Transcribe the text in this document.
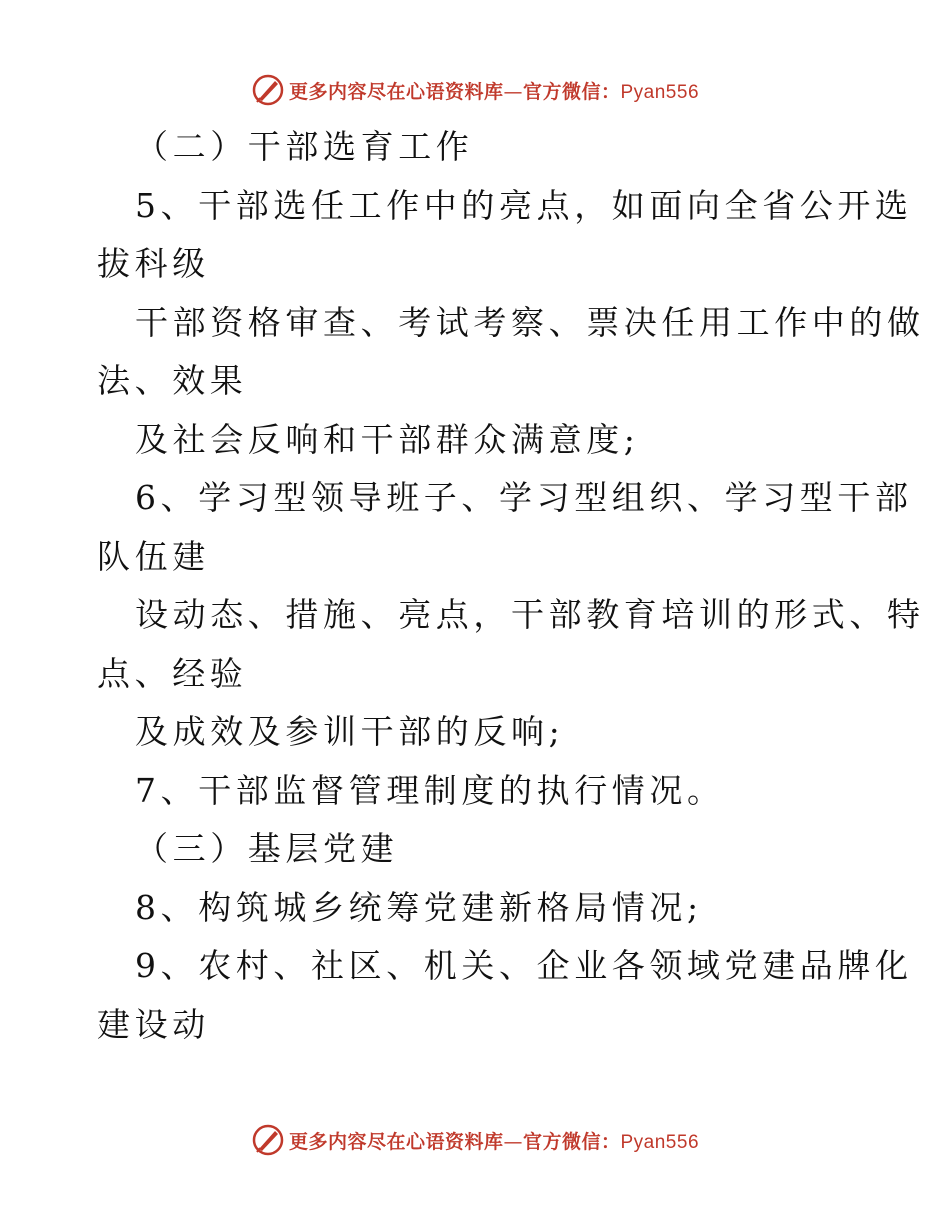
更多内容尽在心语资料库—官方微信：Pyan556
（二）干部选育工作
5、干部选任工作中的亮点，如面向全省公开选
拔科级
干部资格审查、考试考察、票决任用工作中的做
法、效果
及社会反响和干部群众满意度;
6、学习型领导班子、学习型组织、学习型干部
队伍建
设动态、措施、亮点，干部教育培训的形式、特
点、经验
及成效及参训干部的反响;
7、干部监督管理制度的执行情况。
（三）基层党建
8、构筑城乡统筹党建新格局情况;
9、农村、社区、机关、企业各领域党建品牌化
建设动
更多内容尽在心语资料库—官方微信：Pyan556
